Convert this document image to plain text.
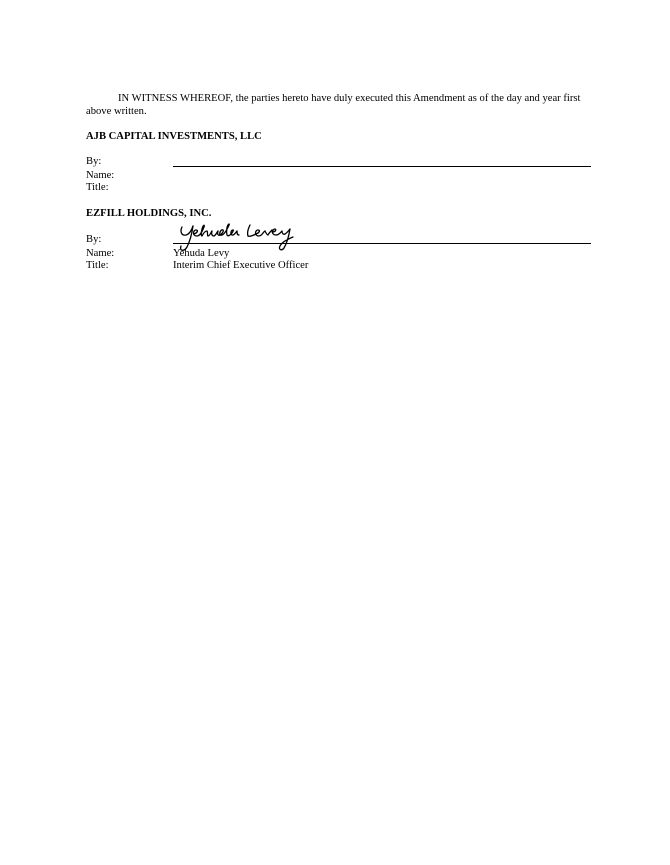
IN WITNESS WHEREOF, the parties hereto have duly executed this Amendment as of the day and year first above written.
AJB CAPITAL INVESTMENTS, LLC
By:
Name:
Title:
EZFILL HOLDINGS, INC.
By:
Name:	Yehuda Levy
Title:	Interim Chief Executive Officer
